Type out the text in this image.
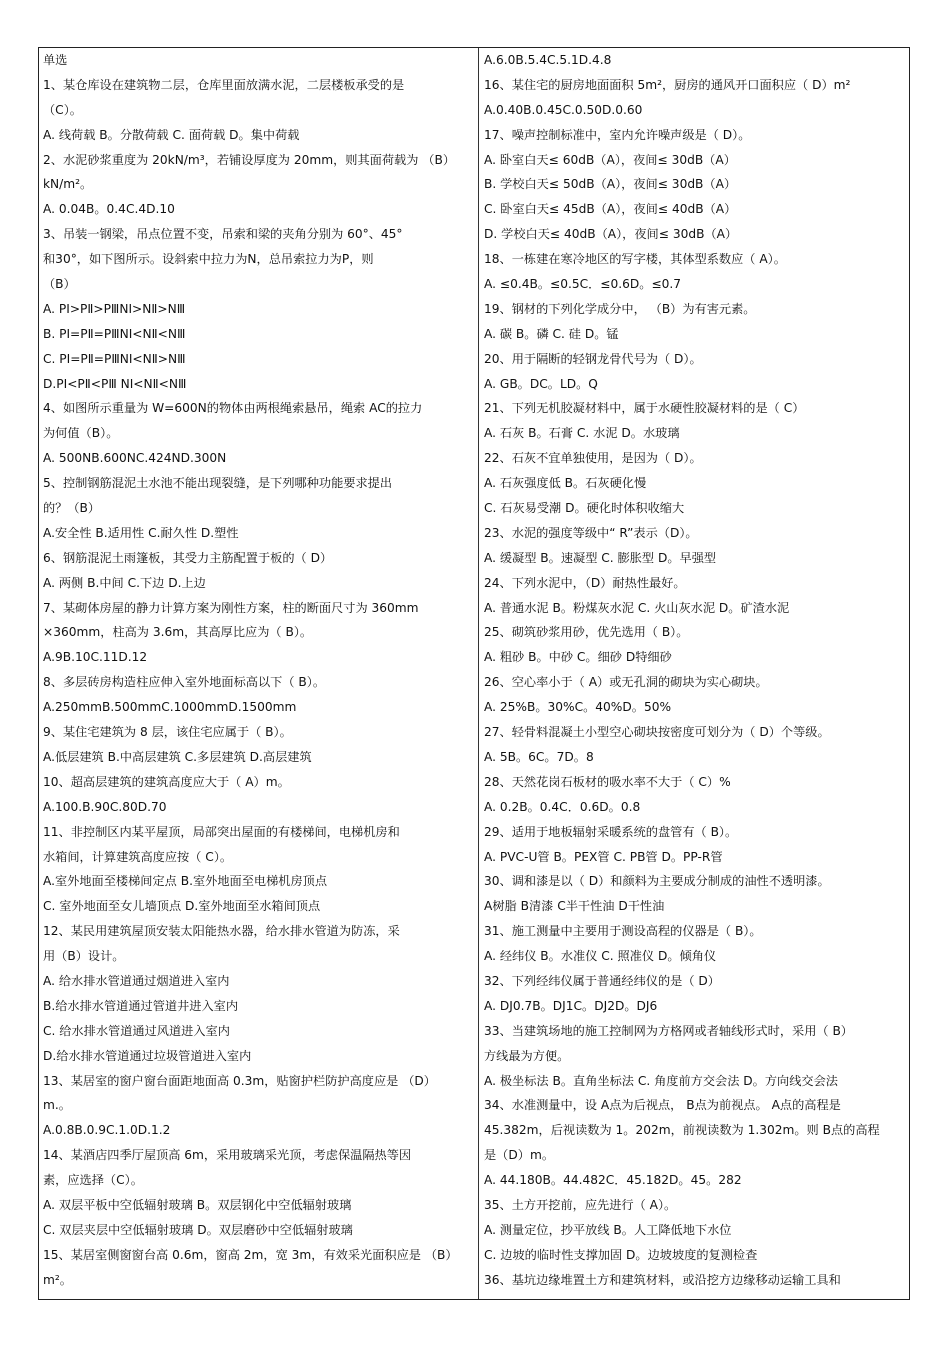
单选
1、某仓库设在建筑物二层，仓库里面放满水泥，二层楼板承受的是
（C）。
A. 线荷载 B。分散荷载 C. 面荷载 D。集中荷载
2、水泥砂浆重度为 20kN/m³，若铺设厚度为 20mm，则其面荷载为 （B）
kN/m²。
A. 0.04B。0.4C.4D.10
3、吊装一钢梁，吊点位置不变，吊索和梁的夹角分别为 60°、45°
和30°，如下图所示。设斜索中拉力为N，总吊索拉力为P，则
（B）
A. PⅠ>PⅡ>PⅢNⅠ>NⅡ>NⅢ
B. PⅠ=PⅡ=PⅢNⅠ<NⅡ<NⅢ
C. PⅠ=PⅡ=PⅢNⅠ<NⅡ>NⅢ
D.PⅠ<PⅡ<PⅢ NⅠ<NⅡ<NⅢ
4、如图所示重量为 W=600N的物体由两根绳索悬吊，绳索 AC的拉力
为何值（B）。
A. 500NB.600NC.424ND.300N
5、控制钢筋混泥土水池不能出现裂缝，是下列哪种功能要求提出
的？（B）
A.安全性 B.适用性 C.耐久性 D.塑性
6、钢筋混泥土雨篷板，其受力主筋配置于板的（ D）
A. 两侧 B.中间 C.下边 D.上边
7、某砌体房屋的静力计算方案为刚性方案，柱的断面尺寸为 360mm
×360mm，柱高为 3.6m，其高厚比应为（ B）。
A.9B.10C.11D.12
8、多层砖房构造柱应伸入室外地面标高以下（ B）。
A.250mmB.500mmC.1000mmD.1500mm
9、某住宅建筑为 8 层，该住宅应属于（ B）。
A.低层建筑 B.中高层建筑 C.多层建筑 D.高层建筑
10、超高层建筑的建筑高度应大于（ A）m。
A.100.B.90C.80D.70
11、非控制区内某平屋顶，局部突出屋面的有楼梯间，电梯机房和
水箱间，计算建筑高度应按（ C）。
A.室外地面至楼梯间定点 B.室外地面至电梯机房顶点
C. 室外地面至女儿墙顶点 D.室外地面至水箱间顶点
12、某民用建筑屋顶安装太阳能热水器，给水排水管道为防冻，采
用（B）设计。
A. 给水排水管道通过烟道进入室内
B.给水排水管道通过管道井进入室内
C. 给水排水管道通过风道进入室内
D.给水排水管道通过垃圾管道进入室内
13、某居室的窗户窗台面距地面高 0.3m，贴窗护栏防护高度应是 （D）
m.。
A.0.8B.0.9C.1.0D.1.2
14、某酒店四季厅屋顶高 6m，采用玻璃采光顶，考虑保温隔热等因
素，应选择（C）。
A. 双层平板中空低辐射玻璃 B。双层钢化中空低辐射玻璃
C. 双层夹层中空低辐射玻璃 D。双层磨砂中空低辐射玻璃
15、某居室侧窗窗台高 0.6m，窗高 2m，宽 3m，有效采光面积应是 （B）
m²。
A.6.0B.5.4C.5.1D.4.8
16、某住宅的厨房地面面积 5m²，厨房的通风开口面积应（ D）m²
A.0.40B.0.45C.0.50D.0.60
17、噪声控制标准中，室内允许噪声级是（ D）。
A. 卧室白天≤ 60dB（A），夜间≤ 30dB（A）
B. 学校白天≤ 50dB（A），夜间≤ 30dB（A）
C. 卧室白天≤ 45dB（A），夜间≤ 40dB（A）
D. 学校白天≤ 40dB（A），夜间≤ 30dB（A）
18、一栋建在寒冷地区的写字楼，其体型系数应（ A）。
A. ≤0.4B。≤0.5C．≤0.6D。≤0.7
19、钢材的下列化学成分中， （B）为有害元素。
A. 碳 B。磷 C. 硅 D。锰
20、用于隔断的轻钢龙骨代号为（ D）。
A. GB。DC。LD。Q
21、下列无机胶凝材料中，属于水硬性胶凝材料的是（ C）
A. 石灰 B。石膏 C. 水泥 D。水玻璃
22、石灰不宜单独使用，是因为（ D）。
A. 石灰强度低 B。石灰硬化慢
C. 石灰易受潮 D。硬化时体积收缩大
23、水泥的强度等级中“ R”表示（D）。
A. 缓凝型 B。速凝型 C. 膨胀型 D。早强型
24、下列水泥中，（D）耐热性最好。
A. 普通水泥 B。粉煤灰水泥 C. 火山灰水泥 D。矿渣水泥
25、砌筑砂浆用砂，优先选用（ B）。
A. 粗砂 B。中砂 C。细砂 D特细砂
26、空心率小于（ A）或无孔洞的砌块为实心砌块。
A. 25%B。30%C。40%D。50%
27、轻骨料混凝土小型空心砌块按密度可划分为（ D）个等级。
A. 5B。6C。7D。8
28、天然花岗石板材的吸水率不大于（ C）%
A. 0.2B。0.4C．0.6D。0.8
29、适用于地板辐射采暖系统的盘管有（ B）。
A. PVC-U管 B。PEX管 C. PB管 D。PP-R管
30、调和漆是以（ D）和颜料为主要成分制成的油性不透明漆。
A树脂 B清漆 C半干性油 D干性油
31、施工测量中主要用于测设高程的仪器是（ B）。
A. 经纬仪 B。水准仪 C. 照准仪 D。倾角仪
32、下列经纬仪属于普通经纬仪的是（ D）
A. DJ0.7B。DJ1C。DJ2D。DJ6
33、当建筑场地的施工控制网为方格网或者轴线形式时，采用（ B）
方线最为方便。
A. 极坐标法 B。直角坐标法 C. 角度前方交会法 D。方向线交会法
34、水准测量中，设 A点为后视点， B点为前视点。 A点的高程是
45.382m，后视读数为 1。202m，前视读数为 1.302m。则 B点的高程
是（D）m。
A. 44.180B。44.482C．45.182D。45。282
35、土方开挖前，应先进行（ A）。
A. 测量定位，抄平放线 B。人工降低地下水位
C. 边坡的临时性支撑加固 D。边坡坡度的复测检查
36、基坑边缘堆置土方和建筑材料，或沿挖方边缘移动运输工具和
